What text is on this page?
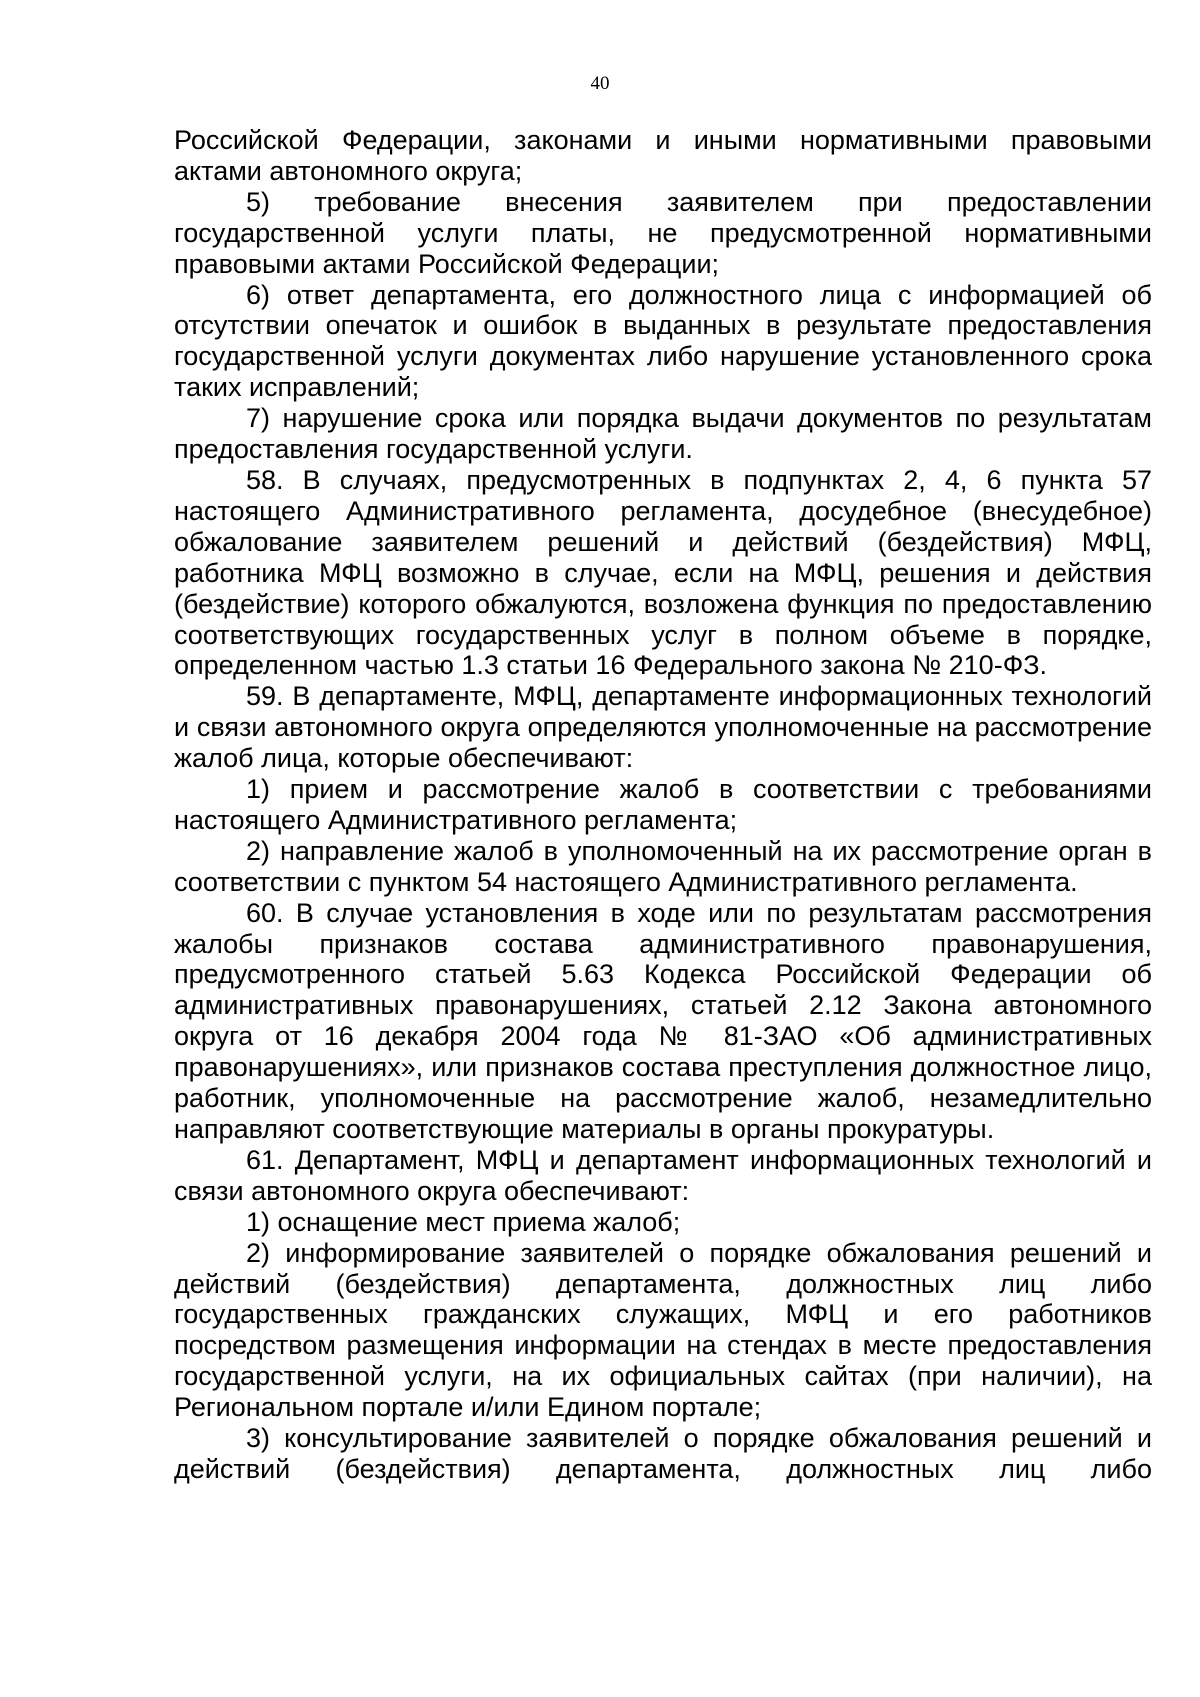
40

Российской Федерации, законами и иными нормативными правовыми актами автономного округа;

5) требование внесения заявителем при предоставлении государственной услуги платы, не предусмотренной нормативными правовыми актами Российской Федерации;

6) ответ департамента, его должностного лица с информацией об отсутствии опечаток и ошибок в выданных в результате предоставления государственной услуги документах либо нарушение установленного срока таких исправлений;

7) нарушение срока или порядка выдачи документов по результатам предоставления государственной услуги.

58. В случаях, предусмотренных в подпунктах 2, 4, 6 пункта 57 настоящего Административного регламента, досудебное (внесудебное) обжалование заявителем решений и действий (бездействия) МФЦ, работника МФЦ возможно в случае, если на МФЦ, решения и действия (бездействие) которого обжалуются, возложена функция по предоставлению соответствующих государственных услуг в полном объеме в порядке, определенном частью 1.3 статьи 16 Федерального закона № 210-ФЗ.

59. В департаменте, МФЦ, департаменте информационных технологий и связи автономного округа определяются уполномоченные на рассмотрение жалоб лица, которые обеспечивают:

1) прием и рассмотрение жалоб в соответствии с требованиями настоящего Административного регламента;

2) направление жалоб в уполномоченный на их рассмотрение орган в соответствии с пунктом 54 настоящего Административного регламента.

60. В случае установления в ходе или по результатам рассмотрения жалобы признаков состава административного правонарушения, предусмотренного статьей 5.63 Кодекса Российской Федерации об административных правонарушениях, статьей 2.12 Закона автономного округа от 16 декабря 2004 года № 81-ЗАО «Об административных правонарушениях», или признаков состава преступления должностное лицо, работник, уполномоченные на рассмотрение жалоб, незамедлительно направляют соответствующие материалы в органы прокуратуры.

61. Департамент, МФЦ и департамент информационных технологий и связи автономного округа обеспечивают:

1) оснащение мест приема жалоб;

2) информирование заявителей о порядке обжалования решений и действий (бездействия) департамента, должностных лиц либо государственных гражданских служащих, МФЦ и его работников посредством размещения информации на стендах в месте предоставления государственной услуги, на их официальных сайтах (при наличии), на Региональном портале и/или Едином портале;

3) консультирование заявителей о порядке обжалования решений и действий (бездействия) департамента, должностных лиц либо
